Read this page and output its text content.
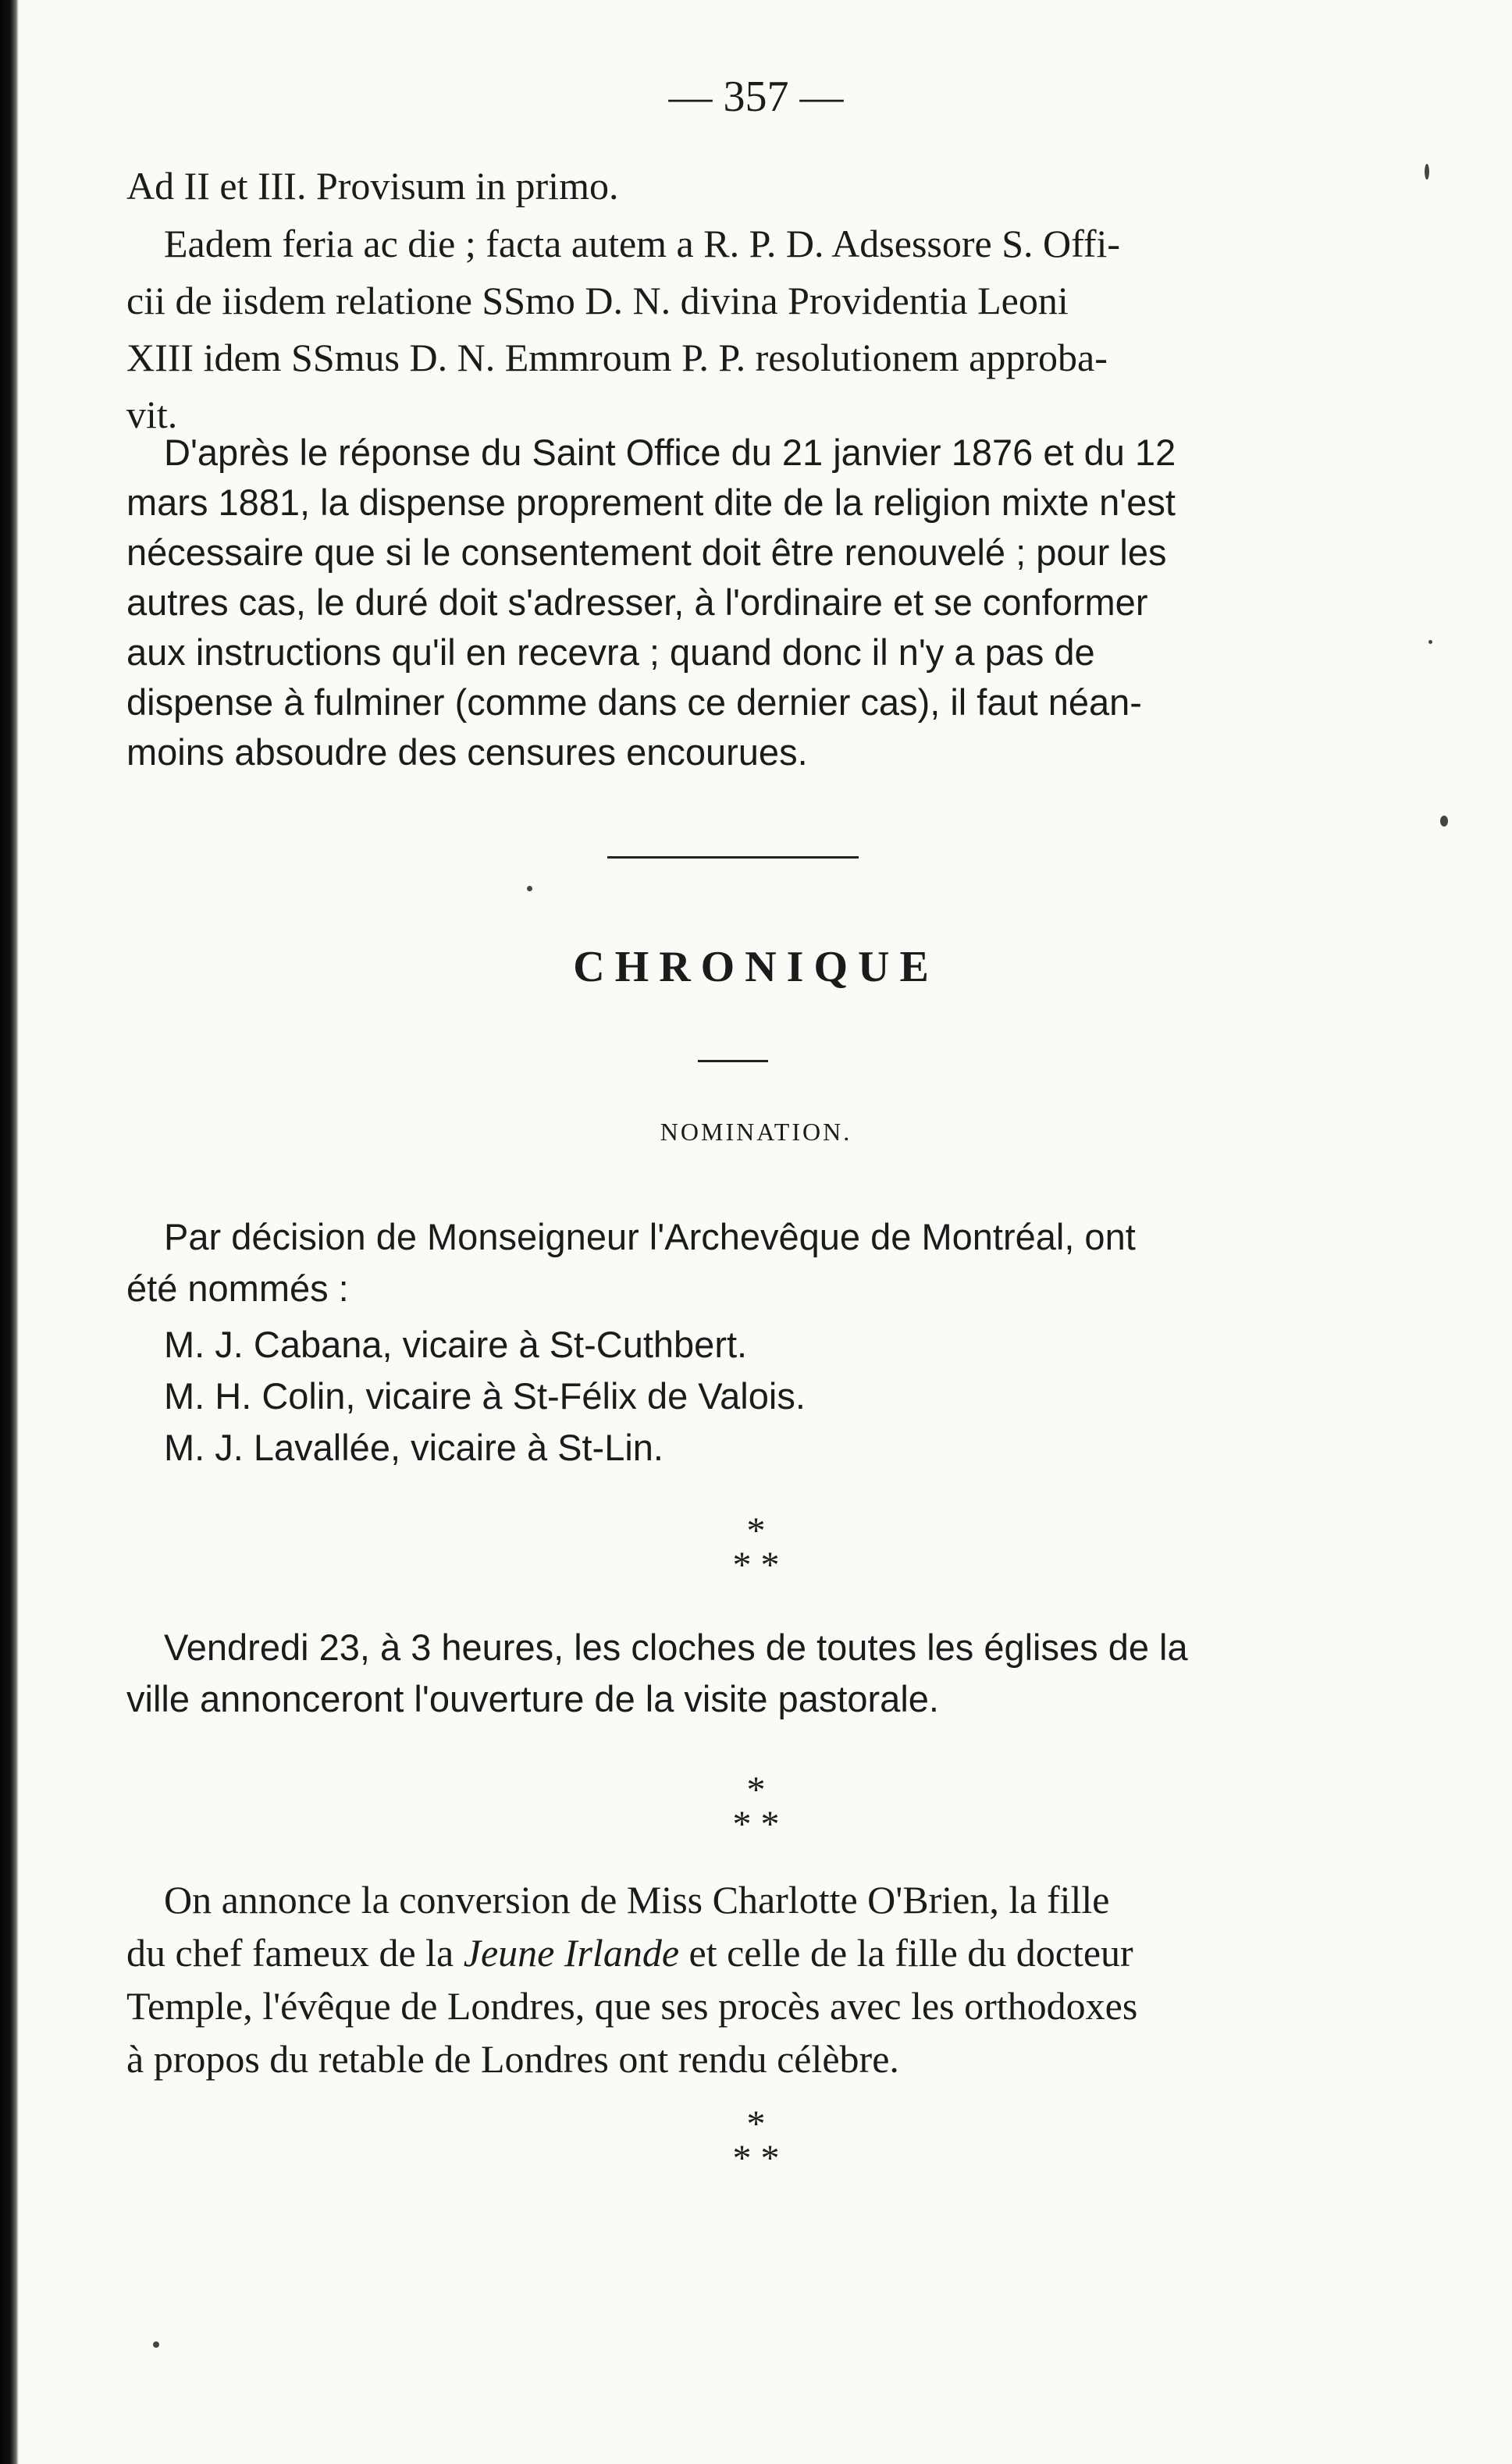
— 357 —

Ad II et III. Provisum in primo.

Eadem feria ac die ; facta autem a R. P. D. Adsessore S. Offi-
cii de iisdem relatione SSmo D. N. divina Providentia Leoni
XIII idem SSmus D. N. Emmroum P. P. resolutionem approba-
vit.

D'après le réponse du Saint Office du 21 janvier 1876 et du 12
mars 1881, la dispense proprement dite de la religion mixte n'est
nécessaire que si le consentement doit être renouvelé ; pour les
autres cas, le duré doit s'adresser, à l'ordinaire et se conformer
aux instructions qu'il en recevra ; quand donc il n'y a pas de
dispense à fulminer (comme dans ce dernier cas), il faut néan-
moins absoudre des censures encourues.

CHRONIQUE
NOMINATION.

Par décision de Monseigneur l'Archevêque de Montréal, ont
été nommés :

M. J. Cabana, vicaire à St-Cuthbert.
M. H. Colin, vicaire à St-Félix de Valois.
M. J. Lavallée, vicaire à St-Lin.

*
* *

Vendredi 23, à 3 heures, les cloches de toutes les églises de la
ville annonceront l'ouverture de la visite pastorale.

*
* *

On annonce la conversion de Miss Charlotte O'Brien, la fille
du chef fameux de la Jeune Irlande et celle de la fille du docteur
Temple, l'évêque de Londres, que ses procès avec les orthodoxes
à propos du retable de Londres ont rendu célèbre.

*
* *
